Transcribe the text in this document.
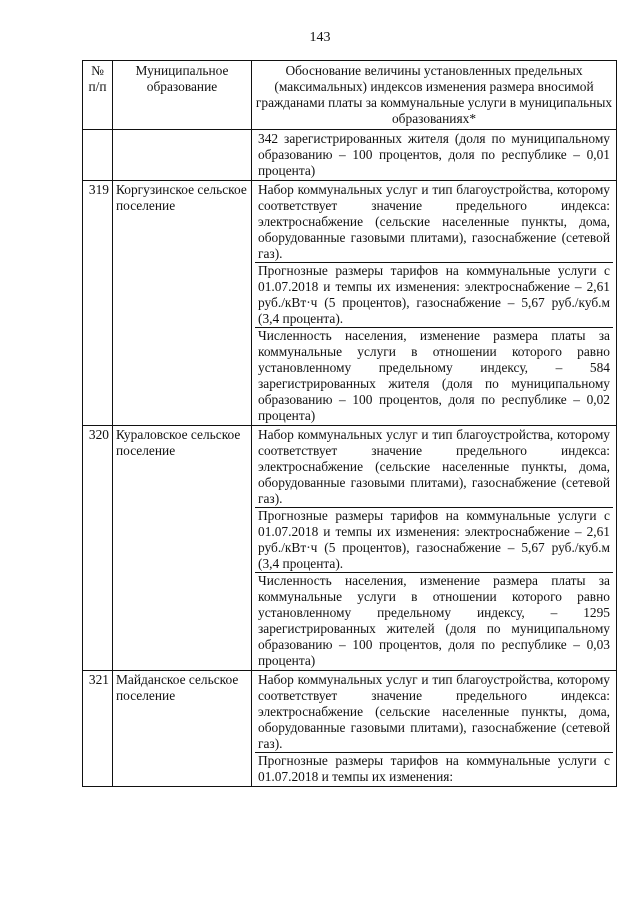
143
№ п/п	Муниципальное образование	Обоснование величины установленных предельных (максимальных) индексов изменения размера вносимой гражданами платы за коммунальные услуги в муниципальных образованиях*

		342 зарегистрированных жителя (доля по муниципальному образованию – 100 процентов, доля по республике – 0,01 процента)

319	Коргузинское сельское поселение	Набор коммунальных услуг и тип благоустройства, которому соответствует значение предельного индекса: электроснабжение (сельские населенные пункты, дома, оборудованные газовыми плитами), газоснабжение (сетевой газ).
Прогнозные размеры тарифов на коммунальные услуги с 01.07.2018 и темпы их изменения: электроснабжение – 2,61 руб./кВт·ч (5 процентов), газоснабжение – 5,67 руб./куб.м (3,4 процента).
Численность населения, изменение размера платы за коммунальные услуги в отношении которого равно установленному предельному индексу, – 584 зарегистрированных жителя (доля по муниципальному образованию – 100 процентов, доля по республике – 0,02 процента)

320	Кураловское сельское поселение	Набор коммунальных услуг и тип благоустройства, которому соответствует значение предельного индекса: электроснабжение (сельские населенные пункты, дома, оборудованные газовыми плитами), газоснабжение (сетевой газ).
Прогнозные размеры тарифов на коммунальные услуги с 01.07.2018 и темпы их изменения: электроснабжение – 2,61 руб./кВт·ч (5 процентов), газоснабжение – 5,67 руб./куб.м (3,4 процента).
Численность населения, изменение размера платы за коммунальные услуги в отношении которого равно установленному предельному индексу, – 1295 зарегистрированных жителей (доля по муниципальному образованию – 100 процентов, доля по республике – 0,03 процента)

321	Майданское сельское поселение	Набор коммунальных услуг и тип благоустройства, которому соответствует значение предельного индекса: электроснабжение (сельские населенные пункты, дома, оборудованные газовыми плитами), газоснабжение (сетевой газ).
Прогнозные размеры тарифов на коммунальные услуги с 01.07.2018 и темпы их изменения:
